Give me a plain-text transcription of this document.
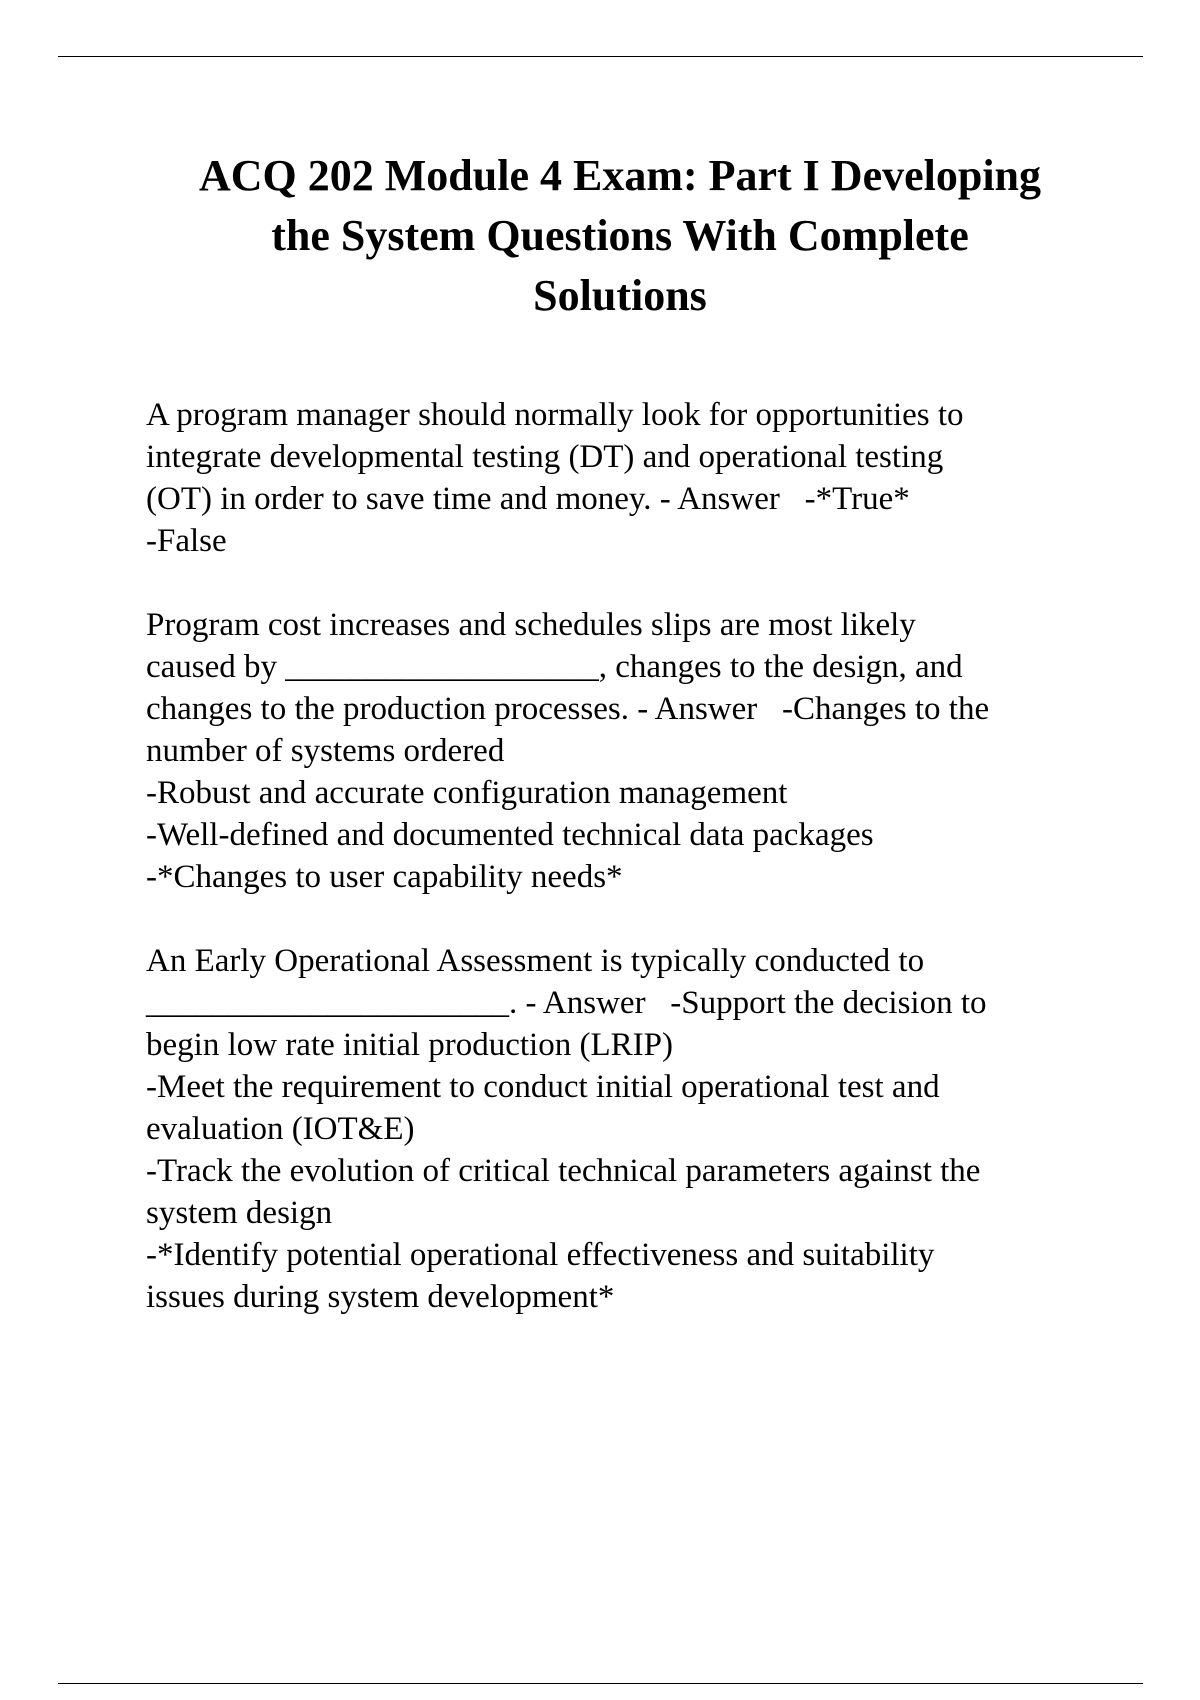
ACQ 202 Module 4 Exam: Part I Developing
the System Questions With Complete
Solutions

A program manager should normally look for opportunities to
integrate developmental testing (DT) and operational testing
(OT) in order to save time and money. - Answer   -*True*
-False

Program cost increases and schedules slips are most likely
caused by ___________________, changes to the design, and
changes to the production processes. - Answer   -Changes to the
number of systems ordered
-Robust and accurate configuration management
-Well-defined and documented technical data packages
-*Changes to user capability needs*

An Early Operational Assessment is typically conducted to
______________________. - Answer   -Support the decision to
begin low rate initial production (LRIP)
-Meet the requirement to conduct initial operational test and
evaluation (IOT&E)
-Track the evolution of critical technical parameters against the
system design
-*Identify potential operational effectiveness and suitability
issues during system development*
